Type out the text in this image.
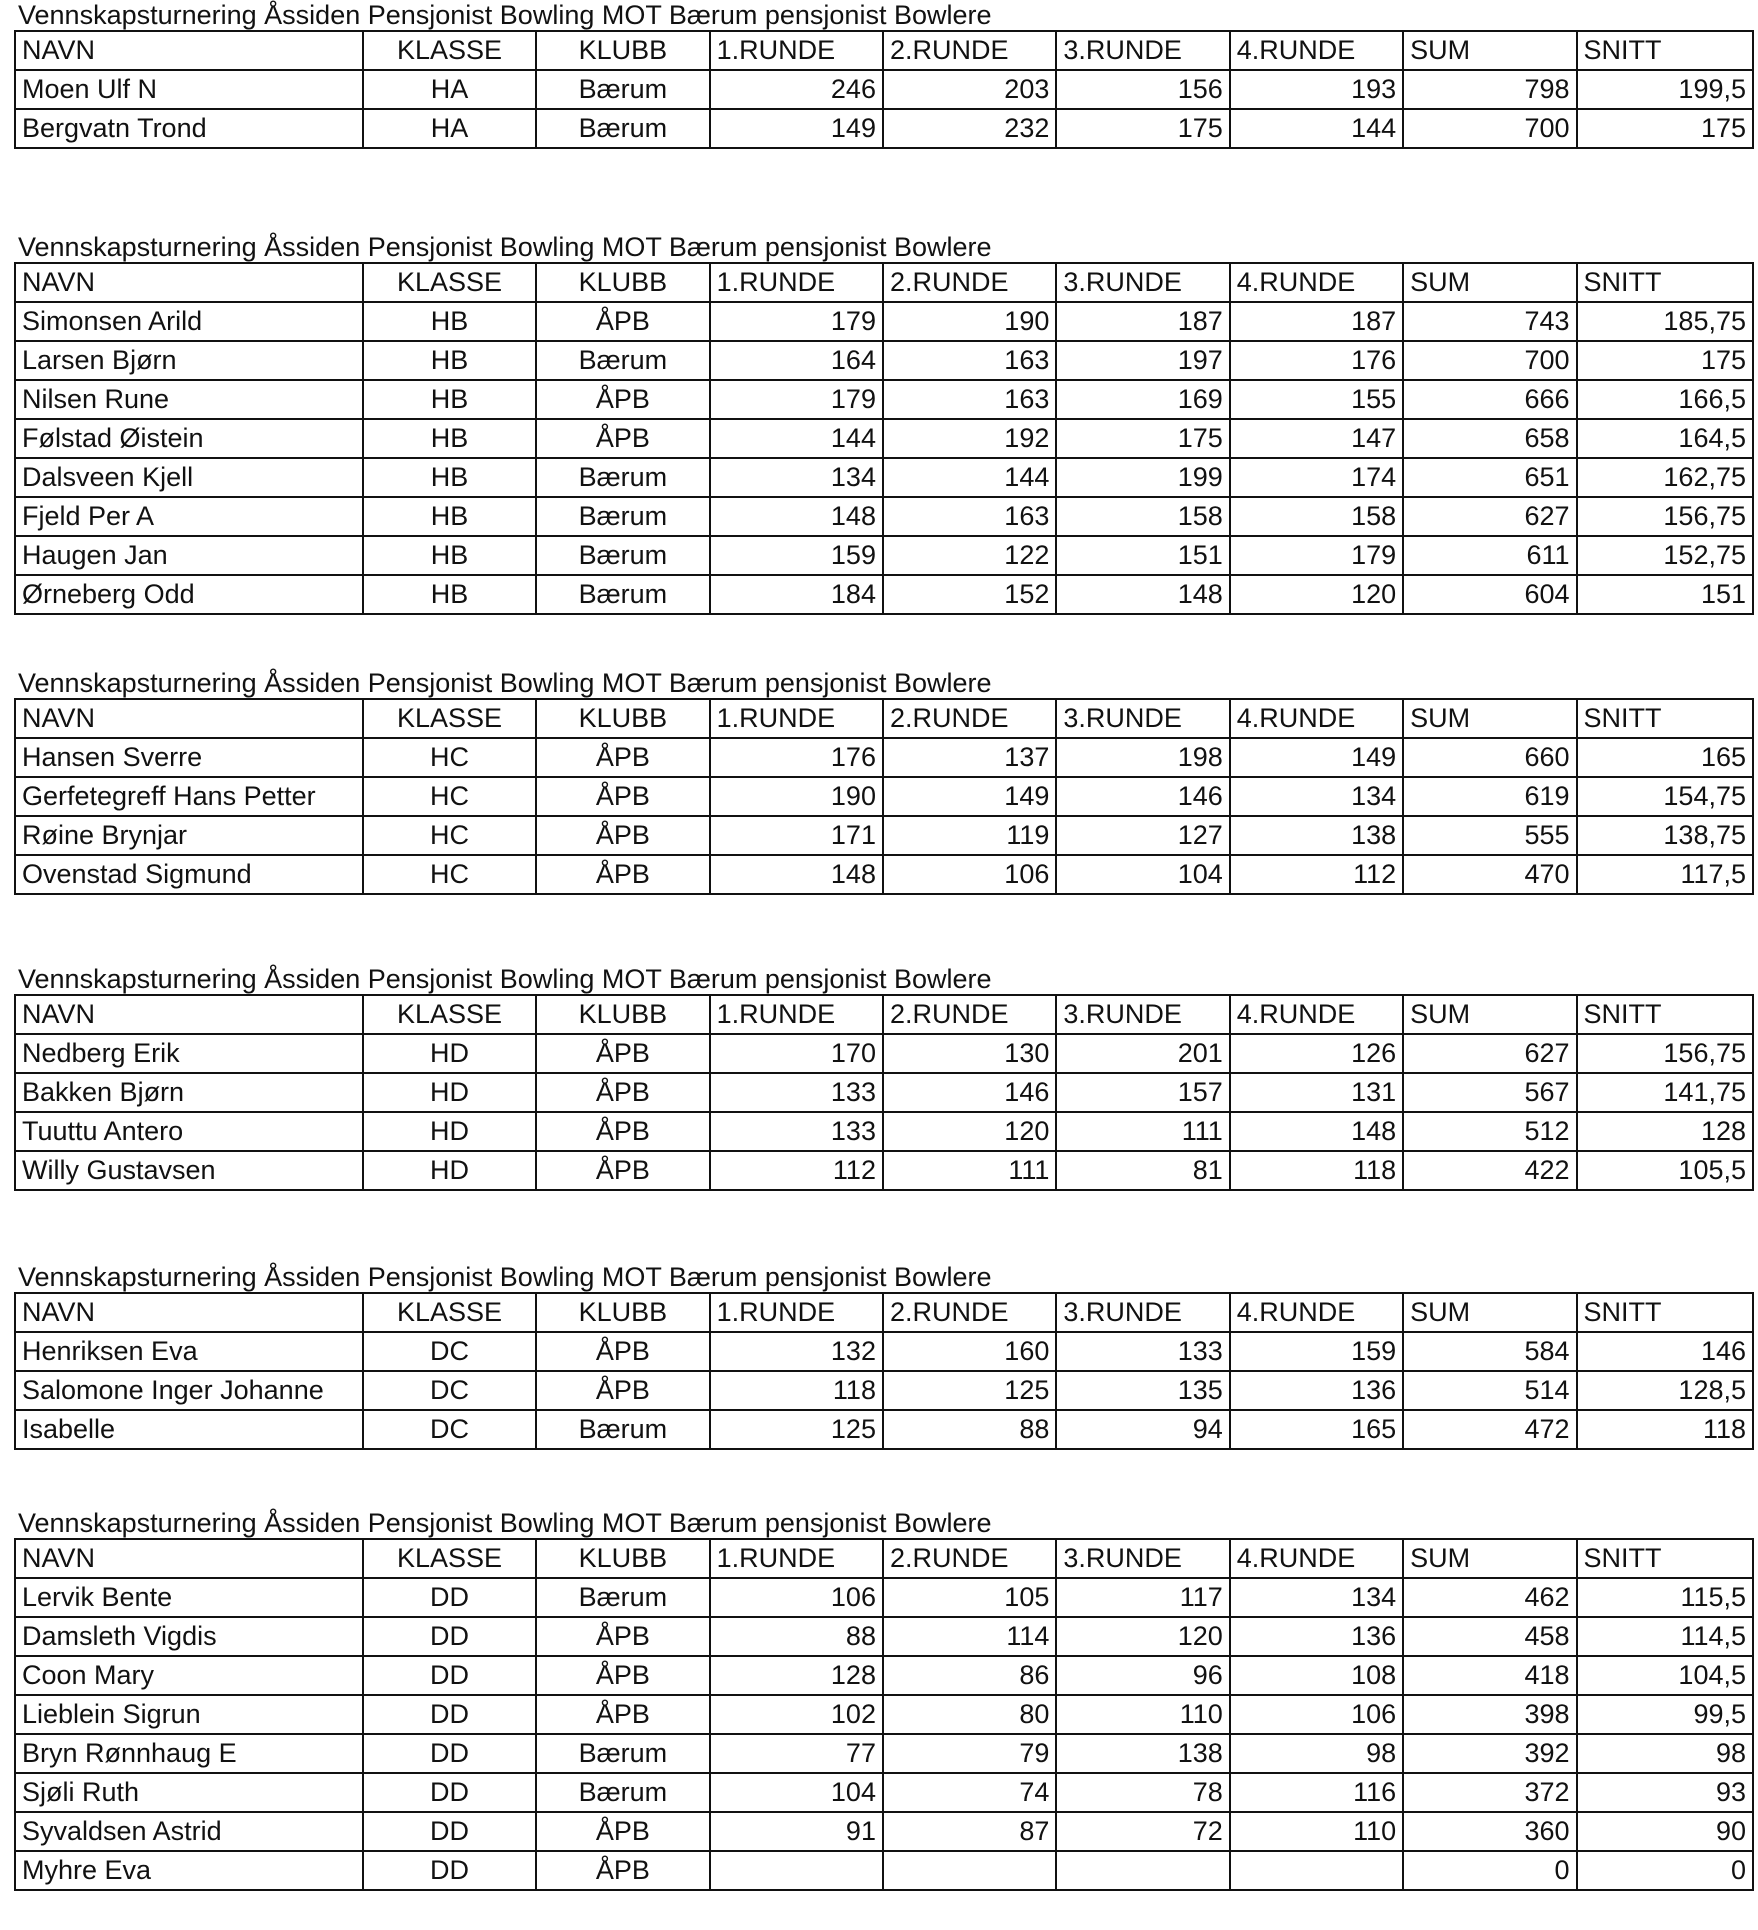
Vennskapsturnering Åssiden Pensjonist Bowling MOT Bærum pensjonist Bowlere
NAVN	KLASSE	KLUBB	1.RUNDE	2.RUNDE	3.RUNDE	4.RUNDE	SUM	SNITT
Moen Ulf N	HA	Bærum	246	203	156	193	798	199,5
Bergvatn Trond	HA	Bærum	149	232	175	144	700	175
Vennskapsturnering Åssiden Pensjonist Bowling MOT Bærum pensjonist Bowlere
NAVN	KLASSE	KLUBB	1.RUNDE	2.RUNDE	3.RUNDE	4.RUNDE	SUM	SNITT
Simonsen Arild	HB	ÅPB	179	190	187	187	743	185,75
Larsen Bjørn	HB	Bærum	164	163	197	176	700	175
Nilsen Rune	HB	ÅPB	179	163	169	155	666	166,5
Følstad Øistein	HB	ÅPB	144	192	175	147	658	164,5
Dalsveen Kjell	HB	Bærum	134	144	199	174	651	162,75
Fjeld Per A	HB	Bærum	148	163	158	158	627	156,75
Haugen Jan	HB	Bærum	159	122	151	179	611	152,75
Ørneberg Odd	HB	Bærum	184	152	148	120	604	151
Vennskapsturnering Åssiden Pensjonist Bowling MOT Bærum pensjonist Bowlere
NAVN	KLASSE	KLUBB	1.RUNDE	2.RUNDE	3.RUNDE	4.RUNDE	SUM	SNITT
Hansen Sverre	HC	ÅPB	176	137	198	149	660	165
Gerfetegreff Hans Petter	HC	ÅPB	190	149	146	134	619	154,75
Røine Brynjar	HC	ÅPB	171	119	127	138	555	138,75
Ovenstad Sigmund	HC	ÅPB	148	106	104	112	470	117,5
Vennskapsturnering Åssiden Pensjonist Bowling MOT Bærum pensjonist Bowlere
NAVN	KLASSE	KLUBB	1.RUNDE	2.RUNDE	3.RUNDE	4.RUNDE	SUM	SNITT
Nedberg Erik	HD	ÅPB	170	130	201	126	627	156,75
Bakken Bjørn	HD	ÅPB	133	146	157	131	567	141,75
Tuuttu Antero	HD	ÅPB	133	120	111	148	512	128
Willy Gustavsen	HD	ÅPB	112	111	81	118	422	105,5
Vennskapsturnering Åssiden Pensjonist Bowling MOT Bærum pensjonist Bowlere
NAVN	KLASSE	KLUBB	1.RUNDE	2.RUNDE	3.RUNDE	4.RUNDE	SUM	SNITT
Henriksen Eva	DC	ÅPB	132	160	133	159	584	146
Salomone Inger Johanne	DC	ÅPB	118	125	135	136	514	128,5
Isabelle	DC	Bærum	125	88	94	165	472	118
Vennskapsturnering Åssiden Pensjonist Bowling MOT Bærum pensjonist Bowlere
NAVN	KLASSE	KLUBB	1.RUNDE	2.RUNDE	3.RUNDE	4.RUNDE	SUM	SNITT
Lervik Bente	DD	Bærum	106	105	117	134	462	115,5
Damsleth Vigdis	DD	ÅPB	88	114	120	136	458	114,5
Coon Mary	DD	ÅPB	128	86	96	108	418	104,5
Lieblein Sigrun	DD	ÅPB	102	80	110	106	398	99,5
Bryn Rønnhaug E	DD	Bærum	77	79	138	98	392	98
Sjøli Ruth	DD	Bærum	104	74	78	116	372	93
Syvaldsen Astrid	DD	ÅPB	91	87	72	110	360	90
Myhre Eva	DD	ÅPB					0	0
